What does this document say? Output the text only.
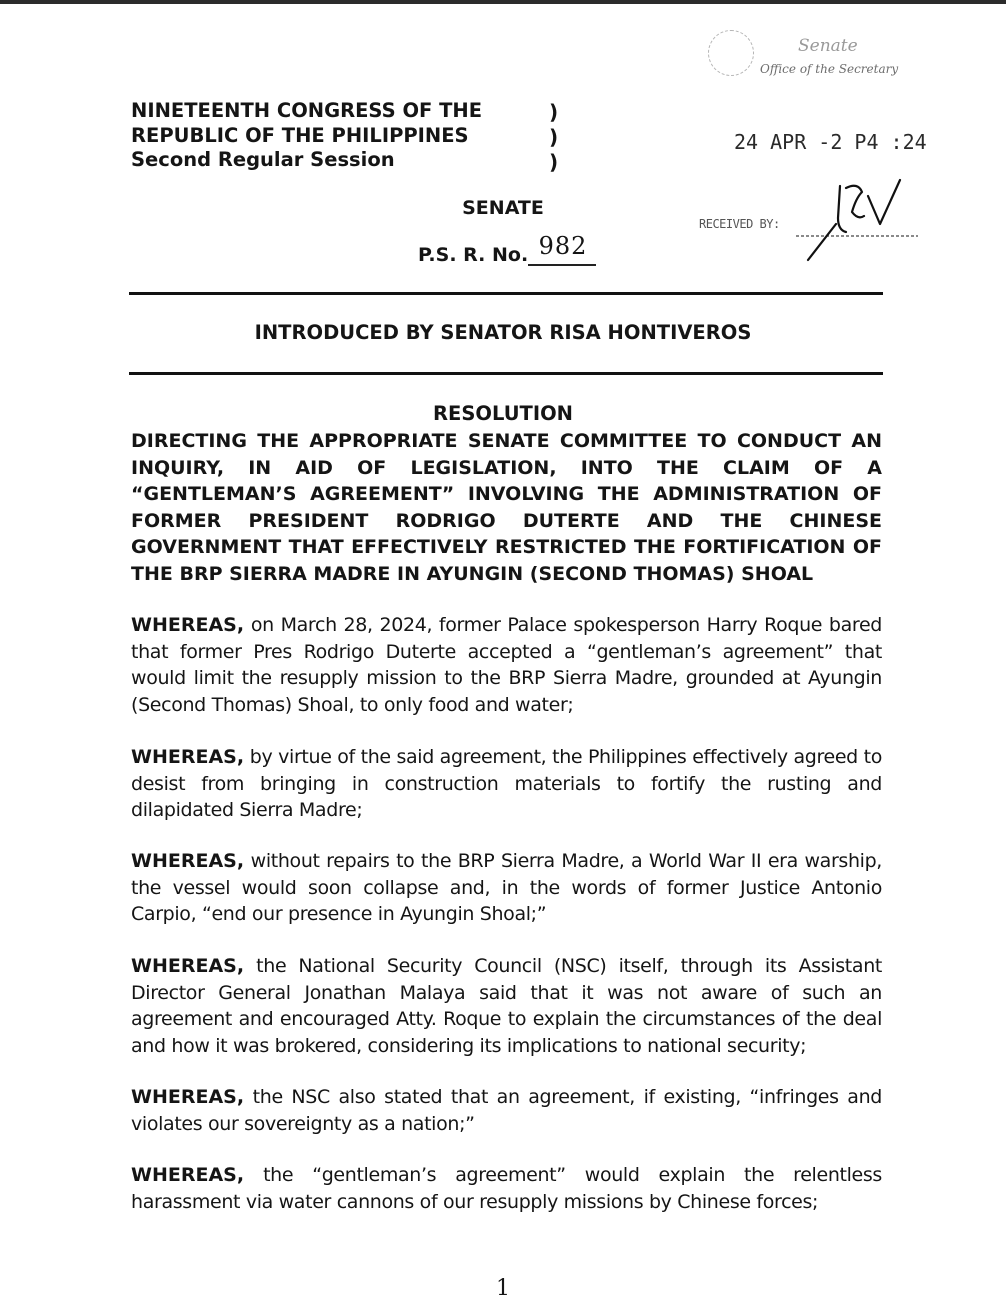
NINETEENTH CONGRESS OF THE
REPUBLIC OF THE PHILIPPINES
Second Regular Session
)
)
)
Senate
Office of the Secretary
24 APR -2 P4 :24
RECEIVED BY:
SENATE
P.S. R. No. 982
INTRODUCED BY SENATOR RISA HONTIVEROS
RESOLUTION
DIRECTING THE APPROPRIATE SENATE COMMITTEE TO CONDUCT AN INQUIRY, IN AID OF LEGISLATION, INTO THE CLAIM OF A “GENTLEMAN’S AGREEMENT” INVOLVING THE ADMINISTRATION OF FORMER PRESIDENT RODRIGO DUTERTE AND THE CHINESE GOVERNMENT THAT EFFECTIVELY RESTRICTED THE FORTIFICATION OF THE BRP SIERRA MADRE IN AYUNGIN (SECOND THOMAS) SHOAL
WHEREAS, on March 28, 2024, former Palace spokesperson Harry Roque bared that former Pres Rodrigo Duterte accepted a “gentleman’s agreement” that would limit the resupply mission to the BRP Sierra Madre, grounded at Ayungin (Second Thomas) Shoal, to only food and water;
WHEREAS, by virtue of the said agreement, the Philippines effectively agreed to desist from bringing in construction materials to fortify the rusting and dilapidated Sierra Madre;
WHEREAS, without repairs to the BRP Sierra Madre, a World War II era warship, the vessel would soon collapse and, in the words of former Justice Antonio Carpio, “end our presence in Ayungin Shoal;”
WHEREAS, the National Security Council (NSC) itself, through its Assistant Director General Jonathan Malaya said that it was not aware of such an agreement and encouraged Atty. Roque to explain the circumstances of the deal and how it was brokered, considering its implications to national security;
WHEREAS, the NSC also stated that an agreement, if existing, “infringes and violates our sovereignty as a nation;”
WHEREAS, the “gentleman’s agreement” would explain the relentless harassment via water cannons of our resupply missions by Chinese forces;
1
